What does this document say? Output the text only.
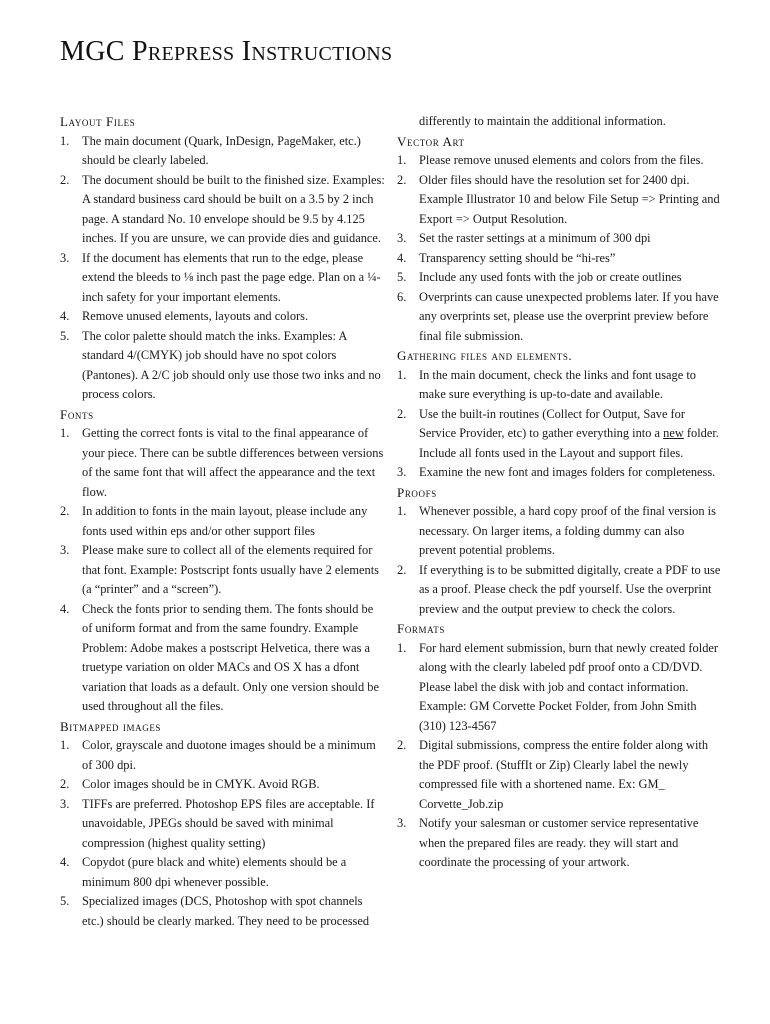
MGC Prepress Instructions
Layout Files
1. The main document (Quark, InDesign, PageMaker, etc.) should be clearly labeled.
2. The document should be built to the finished size. Examples: A standard business card should be built on a 3.5 by 2 inch page. A standard No. 10 envelope should be 9.5 by 4.125 inches. If you are unsure, we can provide dies and guidance.
3. If the document has elements that run to the edge, please extend the bleeds to ⅛ inch past the page edge. Plan on a ¼-inch safety for your important elements.
4. Remove unused elements, layouts and colors.
5. The color palette should match the inks. Examples: A standard 4/(CMYK) job should have no spot colors (Pantones). A 2/C job should only use those two inks and no process colors.
Fonts
1. Getting the correct fonts is vital to the final appearance of your piece. There can be subtle differences between versions of the same font that will affect the appearance and the text flow.
2. In addition to fonts in the main layout, please include any fonts used within eps and/or other support files
3. Please make sure to collect all of the elements required for that font. Example: Postscript fonts usually have 2 elements (a “printer” and a “screen”).
4. Check the fonts prior to sending them. The fonts should be of uniform format and from the same foundry. Example Problem: Adobe makes a postscript Helvetica, there was a truetype variation on older MACs and OS X has a dfont variation that loads as a default. Only one version should be used throughout all the files.
Bitmapped images
1. Color, grayscale and duotone images should be a minimum of 300 dpi.
2. Color images should be in CMYK. Avoid RGB.
3. TIFFs are preferred. Photoshop EPS files are acceptable. If unavoidable, JPEGs should be saved with minimal compression (highest quality setting)
4. Copydot (pure black and white) elements should be a minimum 800 dpi whenever possible.
5. Specialized images (DCS, Photoshop with spot channels etc.) should be clearly marked. They need to be processed
differently to maintain the additional information.
Vector Art
1. Please remove unused elements and colors from the files.
2. Older files should have the resolution set for 2400 dpi. Example Illustrator 10 and below File Setup => Printing and Export => Output Resolution.
3. Set the raster settings at a minimum of 300 dpi
4. Transparency setting should be “hi-res”
5. Include any used fonts with the job or create outlines
6. Overprints can cause unexpected problems later. If you have any overprints set, please use the overprint preview before final file submission.
Gathering files and elements.
1. In the main document, check the links and font usage to make sure everything is up-to-date and available.
2. Use the built-in routines (Collect for Output, Save for Service Provider, etc) to gather everything into a new folder. Include all fonts used in the Layout and support files.
3. Examine the new font and images folders for completeness.
Proofs
1. Whenever possible, a hard copy proof of the final version is necessary. On larger items, a folding dummy can also prevent potential problems.
2. If everything is to be submitted digitally, create a PDF to use as a proof. Please check the pdf yourself. Use the overprint preview and the output preview to check the colors.
Formats
1. For hard element submission, burn that newly created folder along with the clearly labeled pdf proof onto a CD/DVD. Please label the disk with job and contact information. Example: GM Corvette Pocket Folder, from John Smith (310) 123-4567
2. Digital submissions, compress the entire folder along with the PDF proof. (StuffIt or Zip) Clearly label the newly compressed file with a shortened name. Ex: GM_ Corvette_Job.zip
3. Notify your salesman or customer service representative when the prepared files are ready. they will start and coordinate the processing of your artwork.
